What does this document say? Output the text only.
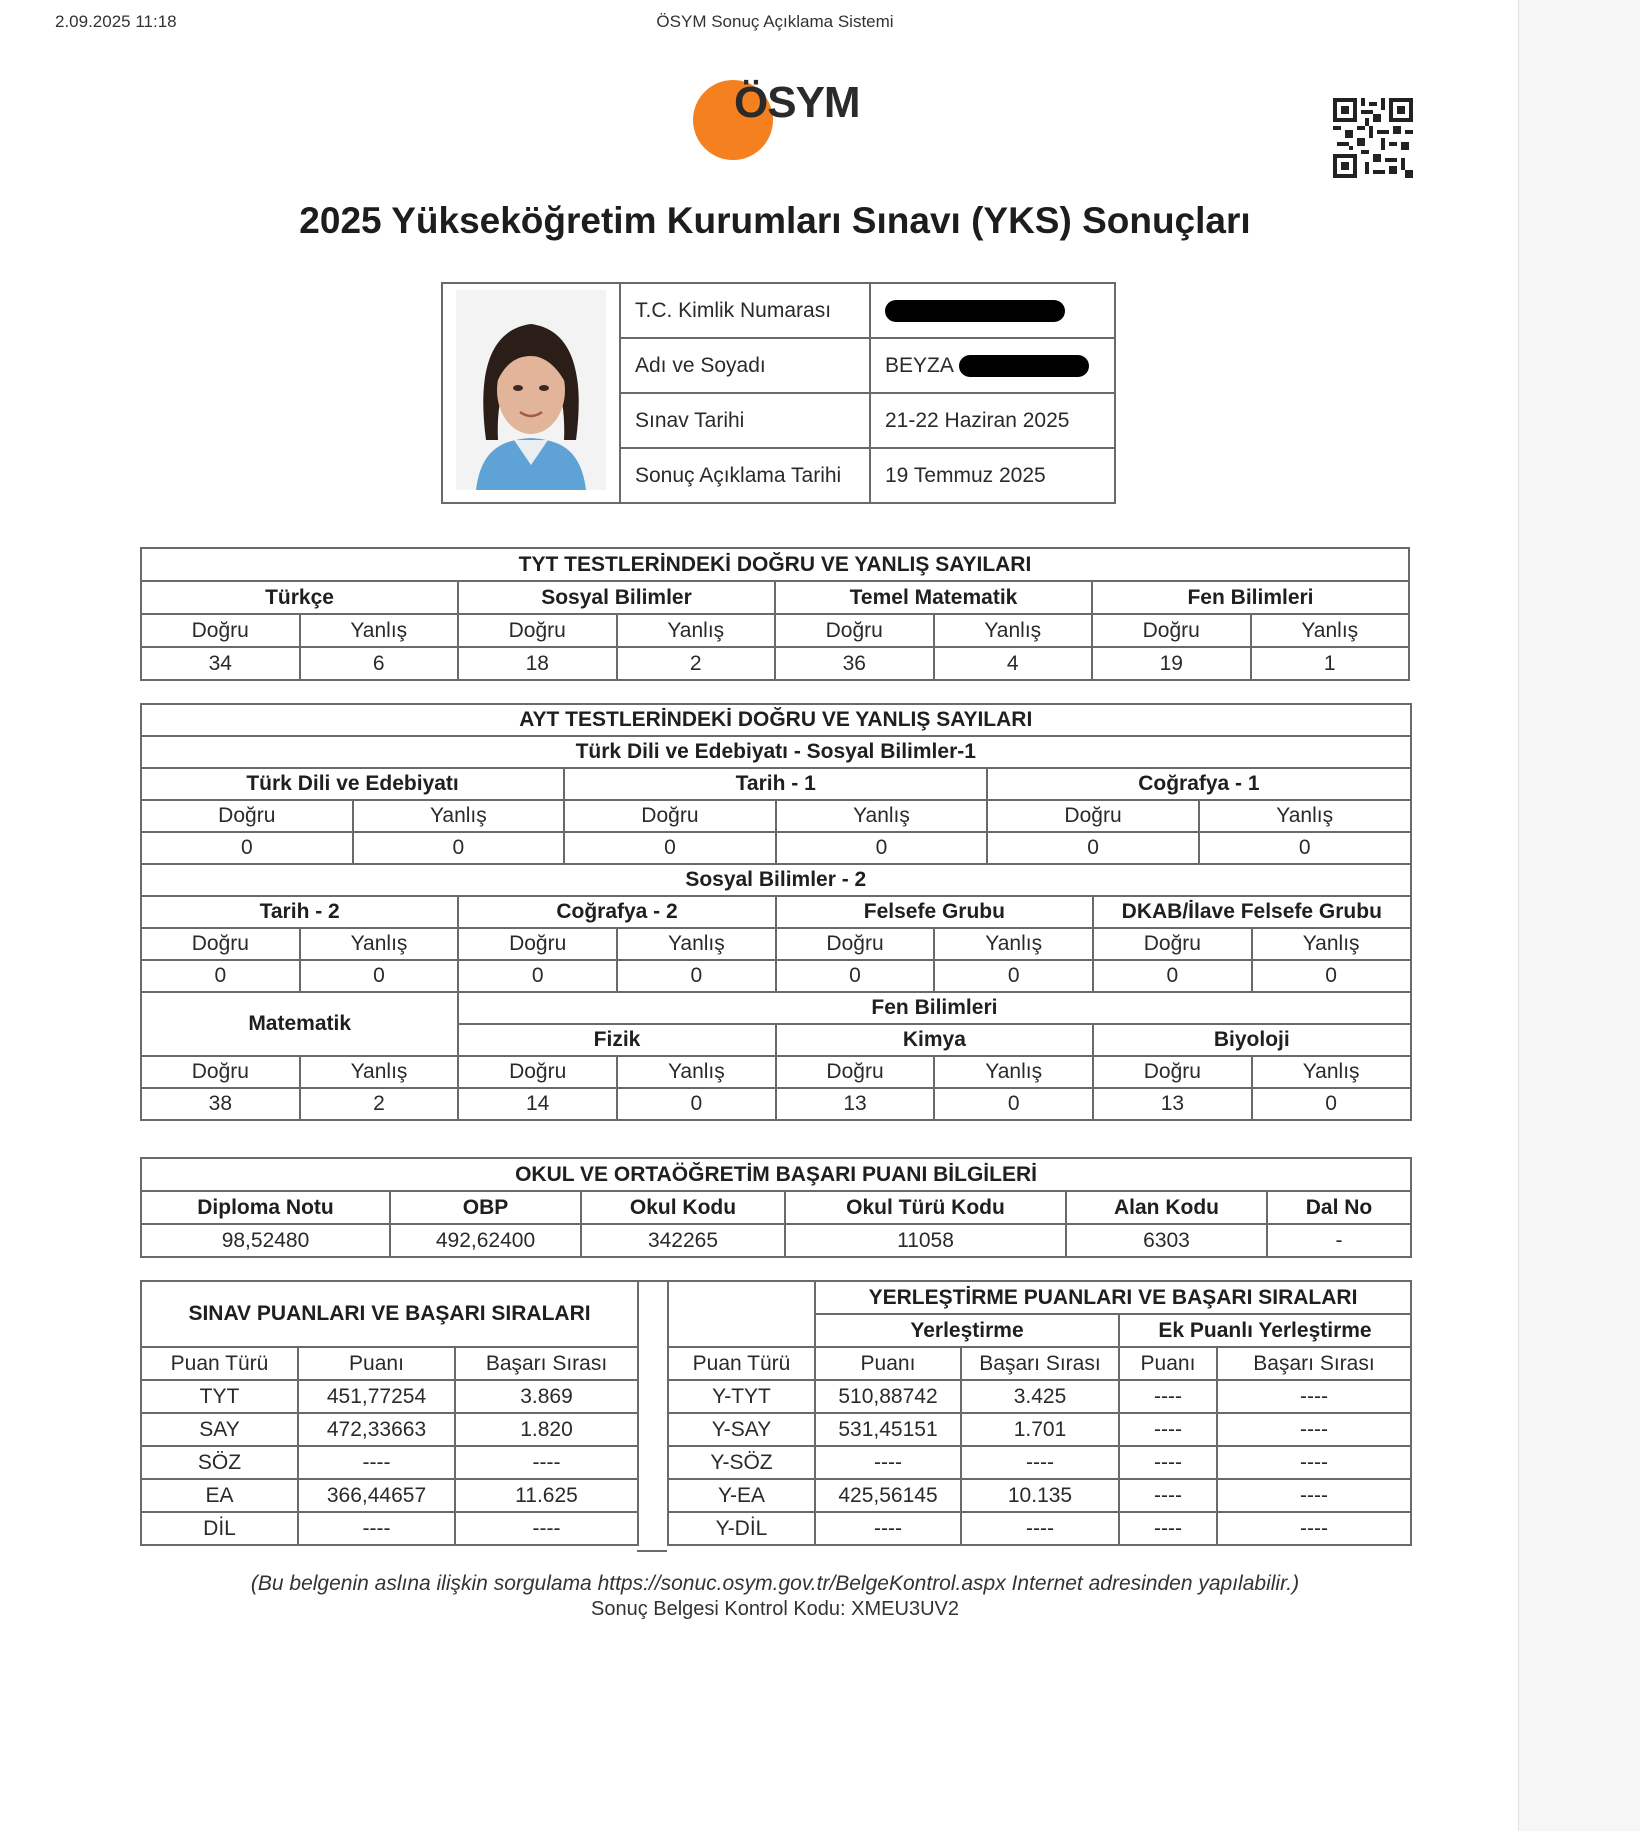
2.09.2025 11:18	ÖSYM Sonuç Açıklama Sistemi
ÖSYM
2025 Yükseköğretim Kurumları Sınavı (YKS) Sonuçları
	T.C. Kimlik Numarası	
	Adı ve Soyadı	BEYZA
	Sınav Tarihi	21-22 Haziran 2025
	Sonuç Açıklama Tarihi	19 Temmuz 2025
TYT TESTLERİNDEKİ DOĞRU VE YANLIŞ SAYILARI							
Türkçe		Sosyal Bilimler		Temel Matematik		Fen Bilimleri	
Doğru	Yanlış	Doğru	Yanlış	Doğru	Yanlış	Doğru	Yanlış
34	6	18	2	36	4	19	1
AYT TESTLERİNDEKİ DOĞRU VE YANLIŞ SAYILARI											
Türk Dili ve Edebiyatı - Sosyal Bilimler-1											
Türk Dili ve Edebiyatı				Tarih - 1				Coğrafya - 1			
Doğru		Yanlış		Doğru		Yanlış		Doğru		Yanlış	
0		0		0		0		0		0	
Sosyal Bilimler - 2											
Tarih - 2			Coğrafya - 2			Felsefe Grubu			DKAB/İlave Felsefe Grubu		
Doğru	Yanlış		Doğru		Yanlış	Doğru	Yanlış		Doğru		Yanlış
0	0		0		0	0	0		0		0
Matematik			Fen Bilimleri								
			Fizik			Kimya			Biyoloji		
Doğru	Yanlış		Doğru		Yanlış	Doğru	Yanlış		Doğru		Yanlış
38	2		14		0	13	0		13		0
OKUL VE ORTAÖĞRETİM BAŞARI PUANI BİLGİLERİ					
Diploma Notu	OBP	Okul Kodu	Okul Türü Kodu	Alan Kodu	Dal No
98,52480	492,62400	342265	11058	6303	-
SINAV PUANLARI VE BAŞARI SIRALARI		

Puan Türü	Puanı	Başarı Sırası
TYT	451,77254	3.869
SAY	472,33663	1.820
SÖZ	----	----
EA	366,44657	11.625
DİL	----	----
	YERLEŞTİRME PUANLARI VE BAŞARI SIRALARI			
	Yerleştirme		Ek Puanlı Yerleştirme	
Puan Türü	Puanı	Başarı Sırası	Puanı	Başarı Sırası
Y-TYT	510,88742	3.425	----	----
Y-SAY	531,45151	1.701	----	----
Y-SÖZ	----	----	----	----
Y-EA	425,56145	10.135	----	----
Y-DİL	----	----	----	----
(Bu belgenin aslına ilişkin sorgulama https://sonuc.osym.gov.tr/BelgeKontrol.aspx Internet adresinden yapılabilir.)
Sonuç Belgesi Kontrol Kodu: XMEU3UV2
